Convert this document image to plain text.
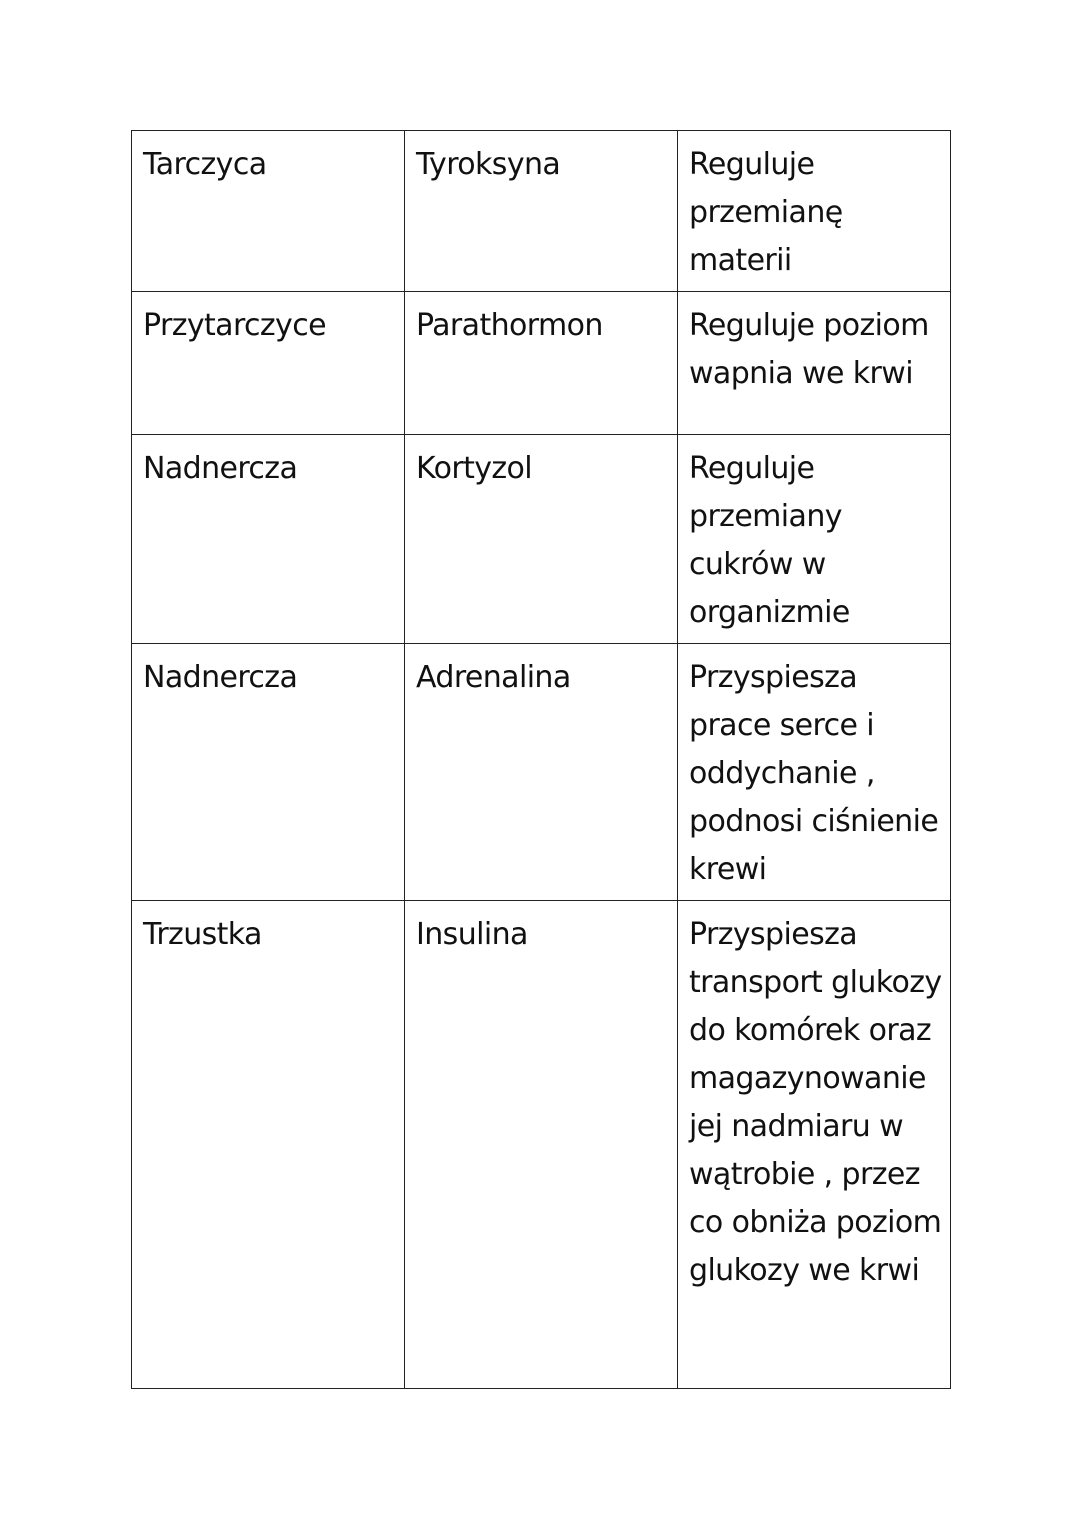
Tarczyca	Tyroksyna	Reguluje przemianę materii
Przytarczyce	Parathormon	Reguluje poziom wapnia we krwi
Nadnercza	Kortyzol	Reguluje przemiany cukrów w organizmie
Nadnercza	Adrenalina	Przyspiesza prace serce i oddychanie , podnosi ciśnienie krewi
Trzustka	Insulina	Przyspiesza transport glukozy do komórek oraz magazynowanie jej nadmiaru w wątrobie , przez co obniża poziom glukozy we krwi
